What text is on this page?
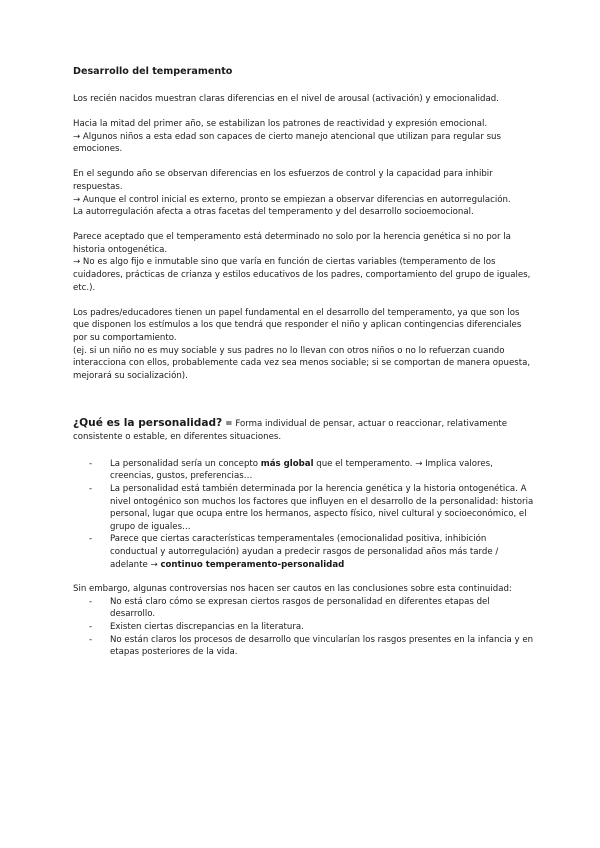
Desarrollo del temperamento

Los recién nacidos muestran claras diferencias en el nivel de arousal (activación) y emocionalidad.

Hacia la mitad del primer año, se estabilizan los patrones de reactividad y expresión emocional.
→ Algunos niños a esta edad son capaces de cierto manejo atencional que utilizan para regular sus emociones.

En el segundo año se observan diferencias en los esfuerzos de control y la capacidad para inhibir respuestas.
→ Aunque el control inicial es externo, pronto se empiezan a observar diferencias en autorregulación.
La autorregulación afecta a otras facetas del temperamento y del desarrollo socioemocional.

Parece aceptado que el temperamento está determinado no solo por la herencia genética si no por la historia ontogenética.
→ No es algo fijo e inmutable sino que varía en función de ciertas variables (temperamento de los cuidadores, prácticas de crianza y estilos educativos de los padres, comportamiento del grupo de iguales, etc.).

Los padres/educadores tienen un papel fundamental en el desarrollo del temperamento, ya que son los que disponen los estímulos a los que tendrá que responder el niño y aplican contingencias diferenciales por su comportamiento.
(ej. si un niño no es muy sociable y sus padres no lo llevan con otros niños o no lo refuerzan cuando interacciona con ellos, probablemente cada vez sea menos sociable; si se comportan de manera opuesta, mejorará su socialización).

¿Qué es la personalidad? = Forma individual de pensar, actuar o reaccionar, relativamente consistente o estable, en diferentes situaciones.

- La personalidad sería un concepto más global que el temperamento. → Implica valores, creencias, gustos, preferencias…
- La personalidad está también determinada por la herencia genética y la historia ontogenética. A nivel ontogénico son muchos los factores que influyen en el desarrollo de la personalidad: historia personal, lugar que ocupa entre los hermanos, aspecto físico, nivel cultural y socioeconómico, el grupo de iguales…
- Parece que ciertas características temperamentales (emocionalidad positiva, inhibición conductual y autorregulación) ayudan a predecir rasgos de personalidad años más tarde / adelante → continuo temperamento-personalidad

Sin embargo, algunas controversias nos hacen ser cautos en las conclusiones sobre esta continuidad:

- No está claro cómo se expresan ciertos rasgos de personalidad en diferentes etapas del desarrollo.
- Existen ciertas discrepancias en la literatura.
- No están claros los procesos de desarrollo que vincularían los rasgos presentes en la infancia y en etapas posteriores de la vida.
